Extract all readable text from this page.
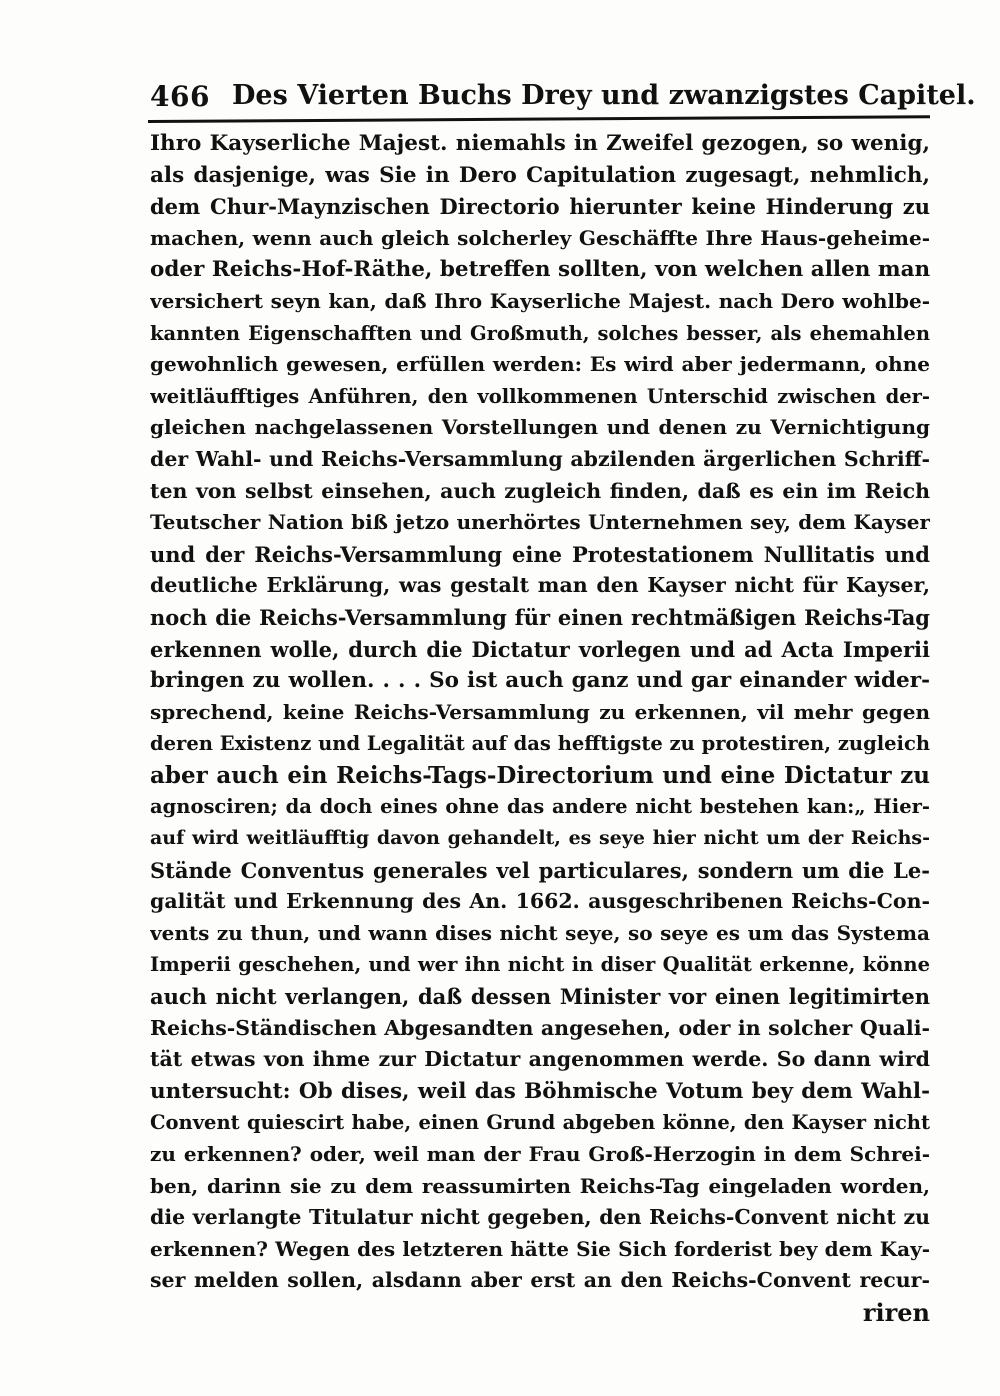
466 Des Vierten Buchs Drey und zwanzigstes Capitel.
Ihro Kayserliche Majest. niemahls in Zweifel gezogen, so wenig,
als dasjenige, was Sie in Dero Capitulation zugesagt, nehmlich,
dem Chur-Maynzischen Directorio hierunter keine Hinderung zu
machen, wenn auch gleich solcherley Geschäffte Ihre Haus-geheime-
oder Reichs-Hof-Räthe, betreffen sollten, von welchen allen man
versichert seyn kan, daß Ihro Kayserliche Majest. nach Dero wohlbe-
kannten Eigenschafften und Großmuth, solches besser, als ehemahlen
gewohnlich gewesen, erfüllen werden: Es wird aber jedermann, ohne
weitläufftiges Anführen, den vollkommenen Unterschid zwischen der-
gleichen nachgelassenen Vorstellungen und denen zu Vernichtigung
der Wahl- und Reichs-Versammlung abzilenden ärgerlichen Schriff-
ten von selbst einsehen, auch zugleich finden, daß es ein im Reich
Teutscher Nation biß jetzo unerhörtes Unternehmen sey, dem Kayser
und der Reichs-Versammlung eine Protestationem Nullitatis und
deutliche Erklärung, was gestalt man den Kayser nicht für Kayser,
noch die Reichs-Versammlung für einen rechtmäßigen Reichs-Tag
erkennen wolle, durch die Dictatur vorlegen und ad Acta Imperii
bringen zu wollen. . . . So ist auch ganz und gar einander wider-
sprechend, keine Reichs-Versammlung zu erkennen, vil mehr gegen
deren Existenz und Legalität auf das hefftigste zu protestiren, zugleich
aber auch ein Reichs-Tags-Directorium und eine Dictatur zu
agnosciren; da doch eines ohne das andere nicht bestehen kan:„ Hier-
auf wird weitläufftig davon gehandelt, es seye hier nicht um der Reichs-
Stände Conventus generales vel particulares, sondern um die Le-
galität und Erkennung des An. 1662. ausgeschribenen Reichs-Con-
vents zu thun, und wann dises nicht seye, so seye es um das Systema
Imperii geschehen, und wer ihn nicht in diser Qualität erkenne, könne
auch nicht verlangen, daß dessen Minister vor einen legitimirten
Reichs-Ständischen Abgesandten angesehen, oder in solcher Quali-
tät etwas von ihme zur Dictatur angenommen werde. So dann wird
untersucht: Ob dises, weil das Böhmische Votum bey dem Wahl-
Convent quiescirt habe, einen Grund abgeben könne, den Kayser nicht
zu erkennen? oder, weil man der Frau Groß-Herzogin in dem Schrei-
ben, darinn sie zu dem reassumirten Reichs-Tag eingeladen worden,
die verlangte Titulatur nicht gegeben, den Reichs-Convent nicht zu
erkennen? Wegen des letzteren hätte Sie Sich forderist bey dem Kay-
ser melden sollen, alsdann aber erst an den Reichs-Convent recur-
riren
